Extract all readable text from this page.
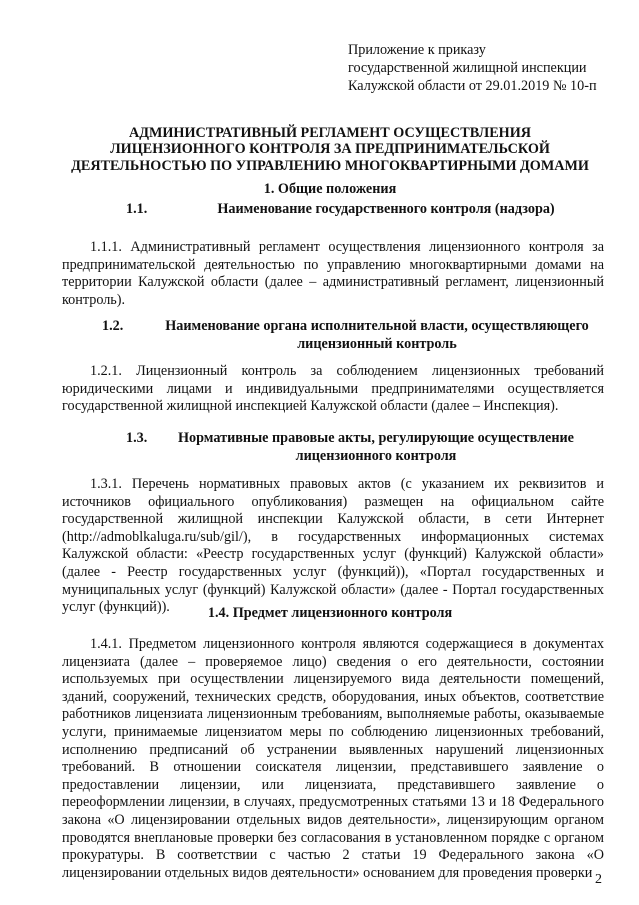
Приложение к приказу
государственной жилищной инспекции
Калужской области от 29.01.2019 № 10-п
АДМИНИСТРАТИВНЫЙ РЕГЛАМЕНТ ОСУЩЕСТВЛЕНИЯ
ЛИЦЕНЗИОННОГО КОНТРОЛЯ ЗА ПРЕДПРИНИМАТЕЛЬСКОЙ
ДЕЯТЕЛЬНОСТЬЮ ПО УПРАВЛЕНИЮ МНОГОКВАРТИРНЫМИ ДОМАМИ
1. Общие положения
1.1.	Наименование государственного контроля (надзора)
1.1.1. Административный регламент осуществления лицензионного контроля за предпринимательской деятельностью по управлению многоквартирными домами на территории Калужской области (далее – административный регламент, лицензионный контроль).
1.2.	Наименование органа исполнительной власти, осуществляющего лицензионный контроль
1.2.1. Лицензионный контроль за соблюдением лицензионных требований юридическими лицами и индивидуальными предпринимателями осуществляется государственной жилищной инспекцией Калужской области (далее – Инспекция).
1.3.	Нормативные правовые акты, регулирующие осуществление лицензионного контроля
1.3.1. Перечень нормативных правовых актов (с указанием их реквизитов и источников официального опубликования) размещен на официальном сайте государственной жилищной инспекции Калужской области, в сети Интернет (http://admoblkaluga.ru/sub/gil/), в государственных информационных системах Калужской области: «Реестр государственных услуг (функций) Калужской области» (далее - Реестр государственных услуг (функций)), «Портал государственных и муниципальных услуг (функций) Калужской области» (далее - Портал государственных услуг (функций)).	1.4. Предмет лицензионного контроля
1.4.1. Предметом лицензионного контроля являются содержащиеся в документах лицензиата (далее – проверяемое лицо) сведения о его деятельности, состоянии используемых при осуществлении лицензируемого вида деятельности помещений, зданий, сооружений, технических средств, оборудования, иных объектов, соответствие работников лицензиата лицензионным требованиям, выполняемые работы, оказываемые услуги, принимаемые лицензиатом меры по соблюдению лицензионных требований, исполнению предписаний об устранении выявленных нарушений лицензионных требований. В отношении соискателя лицензии, представившего заявление о предоставлении лицензии, или лицензиата, представившего заявление о переоформлении лицензии, в случаях, предусмотренных статьями 13 и 18 Федерального закона «О лицензировании отдельных видов деятельности», лицензирующим органом проводятся внеплановые проверки без согласования в установленном порядке с органом прокуратуры. В соответствии с частью 2 статьи 19 Федерального закона «О лицензировании отдельных видов деятельности» основанием для проведения проверки 2
